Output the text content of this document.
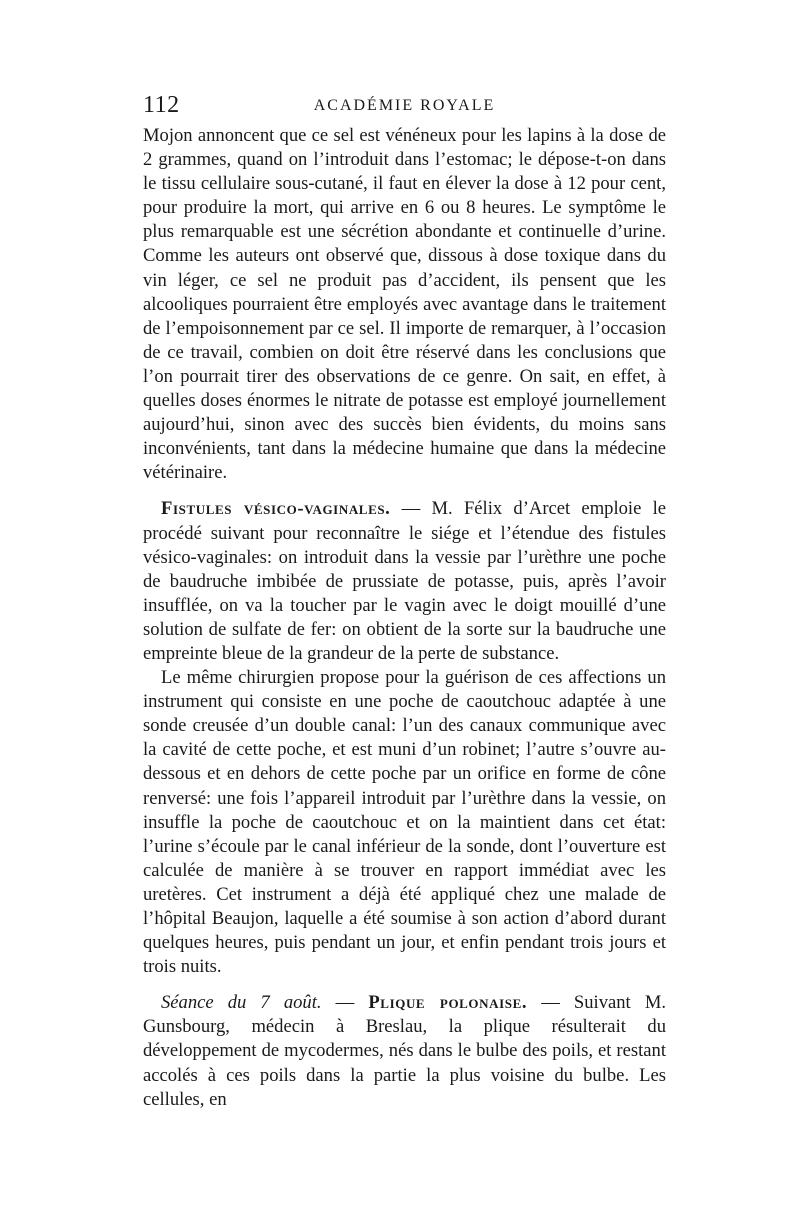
112	ACADÉMIE ROYALE

Mojon annoncent que ce sel est vénéneux pour les lapins à la dose de 2 grammes, quand on l’introduit dans l’estomac; le dépose-t-on dans le tissu cellulaire sous-cutané, il faut en élever la dose à 12 pour cent, pour produire la mort, qui arrive en 6 ou 8 heures. Le symptôme le plus remarquable est une sécrétion abondante et continuelle d’urine. Comme les auteurs ont observé que, dissous à dose toxique dans du vin léger, ce sel ne produit pas d’accident, ils pensent que les alcooliques pourraient être employés avec avantage dans le traitement de l’empoisonnement par ce sel. Il importe de remarquer, à l’occasion de ce travail, combien on doit être réservé dans les conclusions que l’on pourrait tirer des observations de ce genre. On sait, en effet, à quelles doses énormes le nitrate de potasse est employé journellement aujourd’hui, sinon avec des succès bien évidents, du moins sans inconvénients, tant dans la médecine humaine que dans la médecine vétérinaire.

Fistules vésico-vaginales. — M. Félix d’Arcet emploie le procédé suivant pour reconnaître le siége et l’étendue des fistules vésico-vaginales: on introduit dans la vessie par l’urèthre une poche de baudruche imbibée de prussiate de potasse, puis, après l’avoir insufflée, on va la toucher par le vagin avec le doigt mouillé d’une solution de sulfate de fer: on obtient de la sorte sur la baudruche une empreinte bleue de la grandeur de la perte de substance.

Le même chirurgien propose pour la guérison de ces affections un instrument qui consiste en une poche de caoutchouc adaptée à une sonde creusée d’un double canal: l’un des canaux communique avec la cavité de cette poche, et est muni d’un robinet; l’autre s’ouvre au-dessous et en dehors de cette poche par un orifice en forme de cône renversé: une fois l’appareil introduit par l’urèthre dans la vessie, on insuffle la poche de caoutchouc et on la maintient dans cet état: l’urine s’écoule par le canal inférieur de la sonde, dont l’ouverture est calculée de manière à se trouver en rapport immédiat avec les uretères. Cet instrument a déjà été appliqué chez une malade de l’hôpital Beaujon, laquelle a été soumise à son action d’abord durant quelques heures, puis pendant un jour, et enfin pendant trois jours et trois nuits.

Séance du 7 août. — Plique polonaise. — Suivant M. Gunsbourg, médecin à Breslau, la plique résulterait du développement de mycodermes, nés dans le bulbe des poils, et restant accolés à ces poils dans la partie la plus voisine du bulbe. Les cellules, en
